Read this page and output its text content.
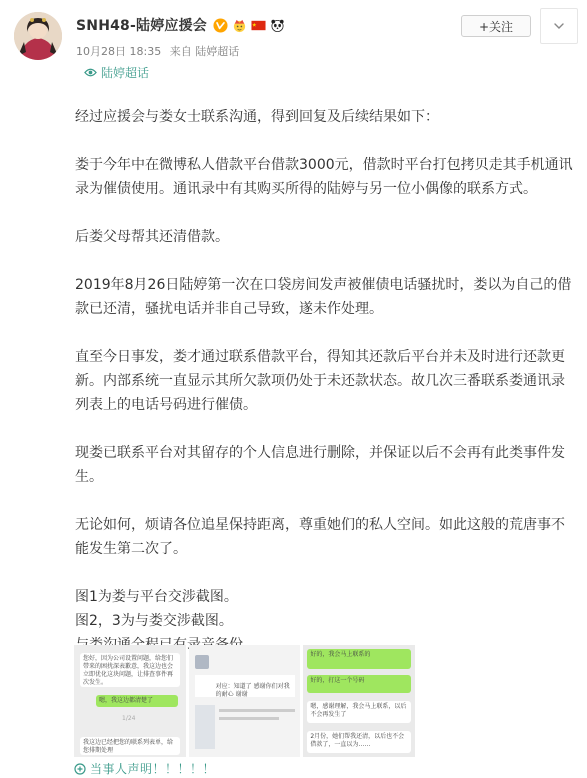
SNH48-陆婷应援会
10月28日 18:35 来自 陆婷超话
陆婷超话
+关注

经过应援会与娄女士联系沟通，得到回复及后续结果如下：

娄于今年中在微博私人借款平台借款3000元，借款时平台打包拷贝走其手机通讯录为催债使用。通讯录中有其购买所得的陆婷与另一位小偶像的联系方式。

后娄父母帮其还清借款。

2019年8月26日陆婷第一次在口袋房间发声被催债电话骚扰时，娄以为自己的借款已还清，骚扰电话并非自己导致，遂未作处理。

直至今日事发，娄才通过联系借款平台，得知其还款后平台并未及时进行还款更新。内部系统一直显示其所欠款项仍处于未还款状态。故几次三番联系娄通讯录列表上的电话号码进行催债。

现娄已联系平台对其留存的个人信息进行删除，并保证以后不会再有此类事件发生。

无论如何，烦请各位追星保持距离，尊重她们的私人空间。如此这般的荒唐事不能发生第二次了。

图1为娄与平台交涉截图。

图2，3为与娄交涉截图。

您好，因为公司设置问题，给您们带来的困扰深表歉意，我这边也会立即优化这块问题，让排查事件再次发生。
嗯，我这边都清楚了
1/24
我这边已经把您的联系列表单，给您排期处理
对应：知道了 感谢你们对我的耐心 谢谢
好的，我会马上联系的
好的，打这一个号码
嗯，感谢理解，我会马上联系，以后不会再发生了
2月份，她们帮我还清，以后也不会借款了，一直以为……
当事人声明！！！！！
